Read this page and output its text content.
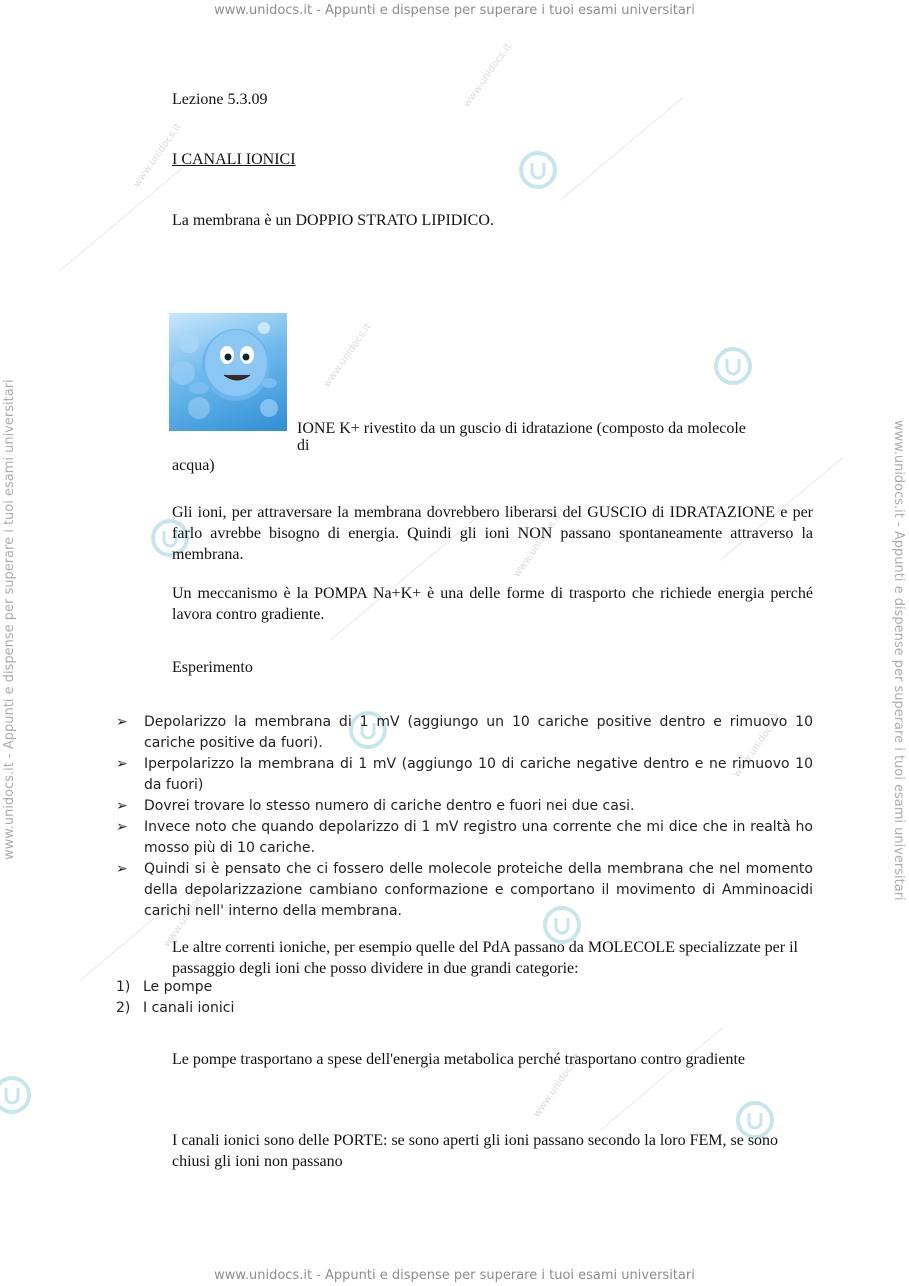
www.unidocs.it
www.unidocs.it
www.unidocs.it
www.unidocs.it
www.unidocs.it
www.unidocs.it
www.unidocs.it
www.unidocs.it - Appunti e dispense per superare i tuoi esami universitari
www.unidocs.it - Appunti e dispense per superare i tuoi esami universitari
www.unidocs.it - Appunti e dispense per superare i tuoi esami universitari	www.unidocs.it - Appunti e dispense per superare i tuoi esami universitari
Lezione 5.3.09
I CANALI IONICI
La membrana è un DOPPIO STRATO LIPIDICO.
IONE K+ rivestito da un guscio di idratazione (composto da molecole
di
acqua)
Gli ioni, per attraversare la membrana dovrebbero liberarsi del GUSCIO di IDRATAZIONE e per farlo avrebbe bisogno di energia. Quindi gli ioni NON passano spontaneamente attraverso la membrana.
Un meccanismo è la POMPA Na+K+ è una delle forme di trasporto che richiede energia perché lavora contro gradiente.
Esperimento
➢ Depolarizzo la membrana di 1 mV (aggiungo un 10 cariche positive dentro e rimuovo 10 cariche positive da fuori).
➢ Iperpolarizzo la membrana di 1 mV (aggiungo 10 di cariche negative dentro e ne rimuovo 10 da fuori)
➢ Dovrei trovare lo stesso numero di cariche dentro e fuori nei due casi.
➢ Invece noto che quando depolarizzo di 1 mV registro una corrente che mi dice che in realtà ho mosso più di 10 cariche.
➢ Quindi si è pensato che ci fossero delle molecole proteiche della membrana che nel momento della depolarizzazione cambiano conformazione e comportano il movimento di Amminoacidi carichi nell' interno della membrana.
Le altre correnti ioniche, per esempio quelle del PdA passano da MOLECOLE specializzate per il passaggio degli ioni che posso dividere in due grandi categorie:
1) Le pompe
2) I canali ionici
Le pompe trasportano a spese dell'energia metabolica perché trasportano contro gradiente
I canali ionici sono delle PORTE: se sono aperti gli ioni passano secondo la loro FEM, se sono chiusi gli ioni non passano
